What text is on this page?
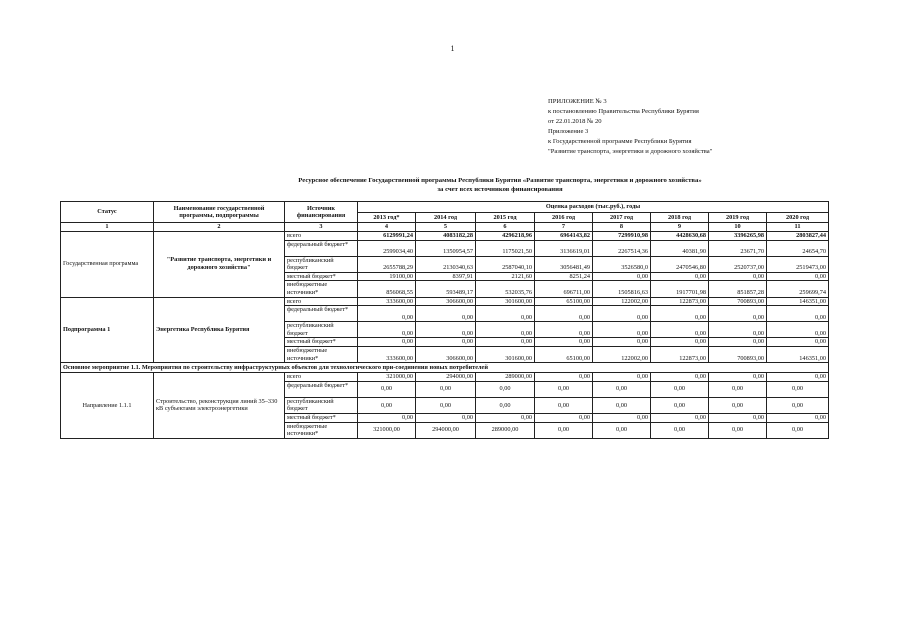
1
ПРИЛОЖЕНИЕ № 3
к постановлению Правительства Республики Бурятия
от 22.01.2018 № 20
Приложение 3
к Государственной программе Республики Бурятия
"Развитие транспорта, энергетики и дорожного хозяйства"
Ресурсное обеспечение Государственной программы Республики Бурятия «Развитие транспорта, энергетики и дорожного хозяйства»
за счет всех источников финансирования
Статус	Наименование государственной программы, подпрограммы	Источник финансирования	Оценка расходов (тыс.руб.), годы							
			2013 год*	2014 год	2015 год	2016 год	2017 год	2018 год	2019 год	2020 год
1	2	3	4	5	6	7	8	9	10	11
Государственная программа	"Развитие транспорта, энергетики и дорожного хозяйства"	всего	6129991,24	4083182,28	4296218,96	6964143,82	7299910,98	4428630,68	3396265,98	2803827,44
		федеральный бюджет*	2599034,40	1350954,57	1175021,50	3136619,01	2267514,36	40381,90	23671,70	24654,70
		республиканский бюджет	2655788,29	2130340,63	2587040,10	3056481,49	3526580,0	2470546,80	2520737,00	2519473,00
		местный бюджет*	19100,00	8397,91	2121,60	8251,24	0,00	0,00	0,00	0,00
		внебюджетные источники*	856068,55	593489,17	532035,76	696711,00	1505816,63	1917701,98	851857,28	259699,74
Подпрограмма 1	Энергетика Республика Бурятия	всего	333600,00	306600,00	301600,00	65100,00	122002,00	122873,00	700893,00	146351,00
		федеральный бюджет*	0,00	0,00	0,00	0,00	0,00	0,00	0,00	0,00
		республиканский бюджет	0,00	0,00	0,00	0,00	0,00	0,00	0,00	0,00
		местный бюджет*	0,00	0,00	0,00	0,00	0,00	0,00	0,00	0,00
		внебюджетные источники*	333600,00	306600,00	301600,00	65100,00	122002,00	122873,00	700893,00	146351,00
Основное мероприятие 1.1. Мероприятия по строительству инфраструктурных объектов для технологического при-соединения новых потребителей										
Направление 1.1.1	Строительство, реконструкция линий 35–330 кВ субъектами электроэнергетики	всего	321000,00	294000,00	289000,00	0,00	0,00	0,00	0,00	0,00
		федеральный бюджет*	0,00	0,00	0,00	0,00	0,00	0,00	0,00	0,00
		республиканский бюджет	0,00	0,00	0,00	0,00	0,00	0,00	0,00	0,00
		местный бюджет*	0,00	0,00	0,00	0,00	0,00	0,00	0,00	0,00
		внебюджетные источники*	321000,00	294000,00	289000,00	0,00	0,00	0,00	0,00	0,00
